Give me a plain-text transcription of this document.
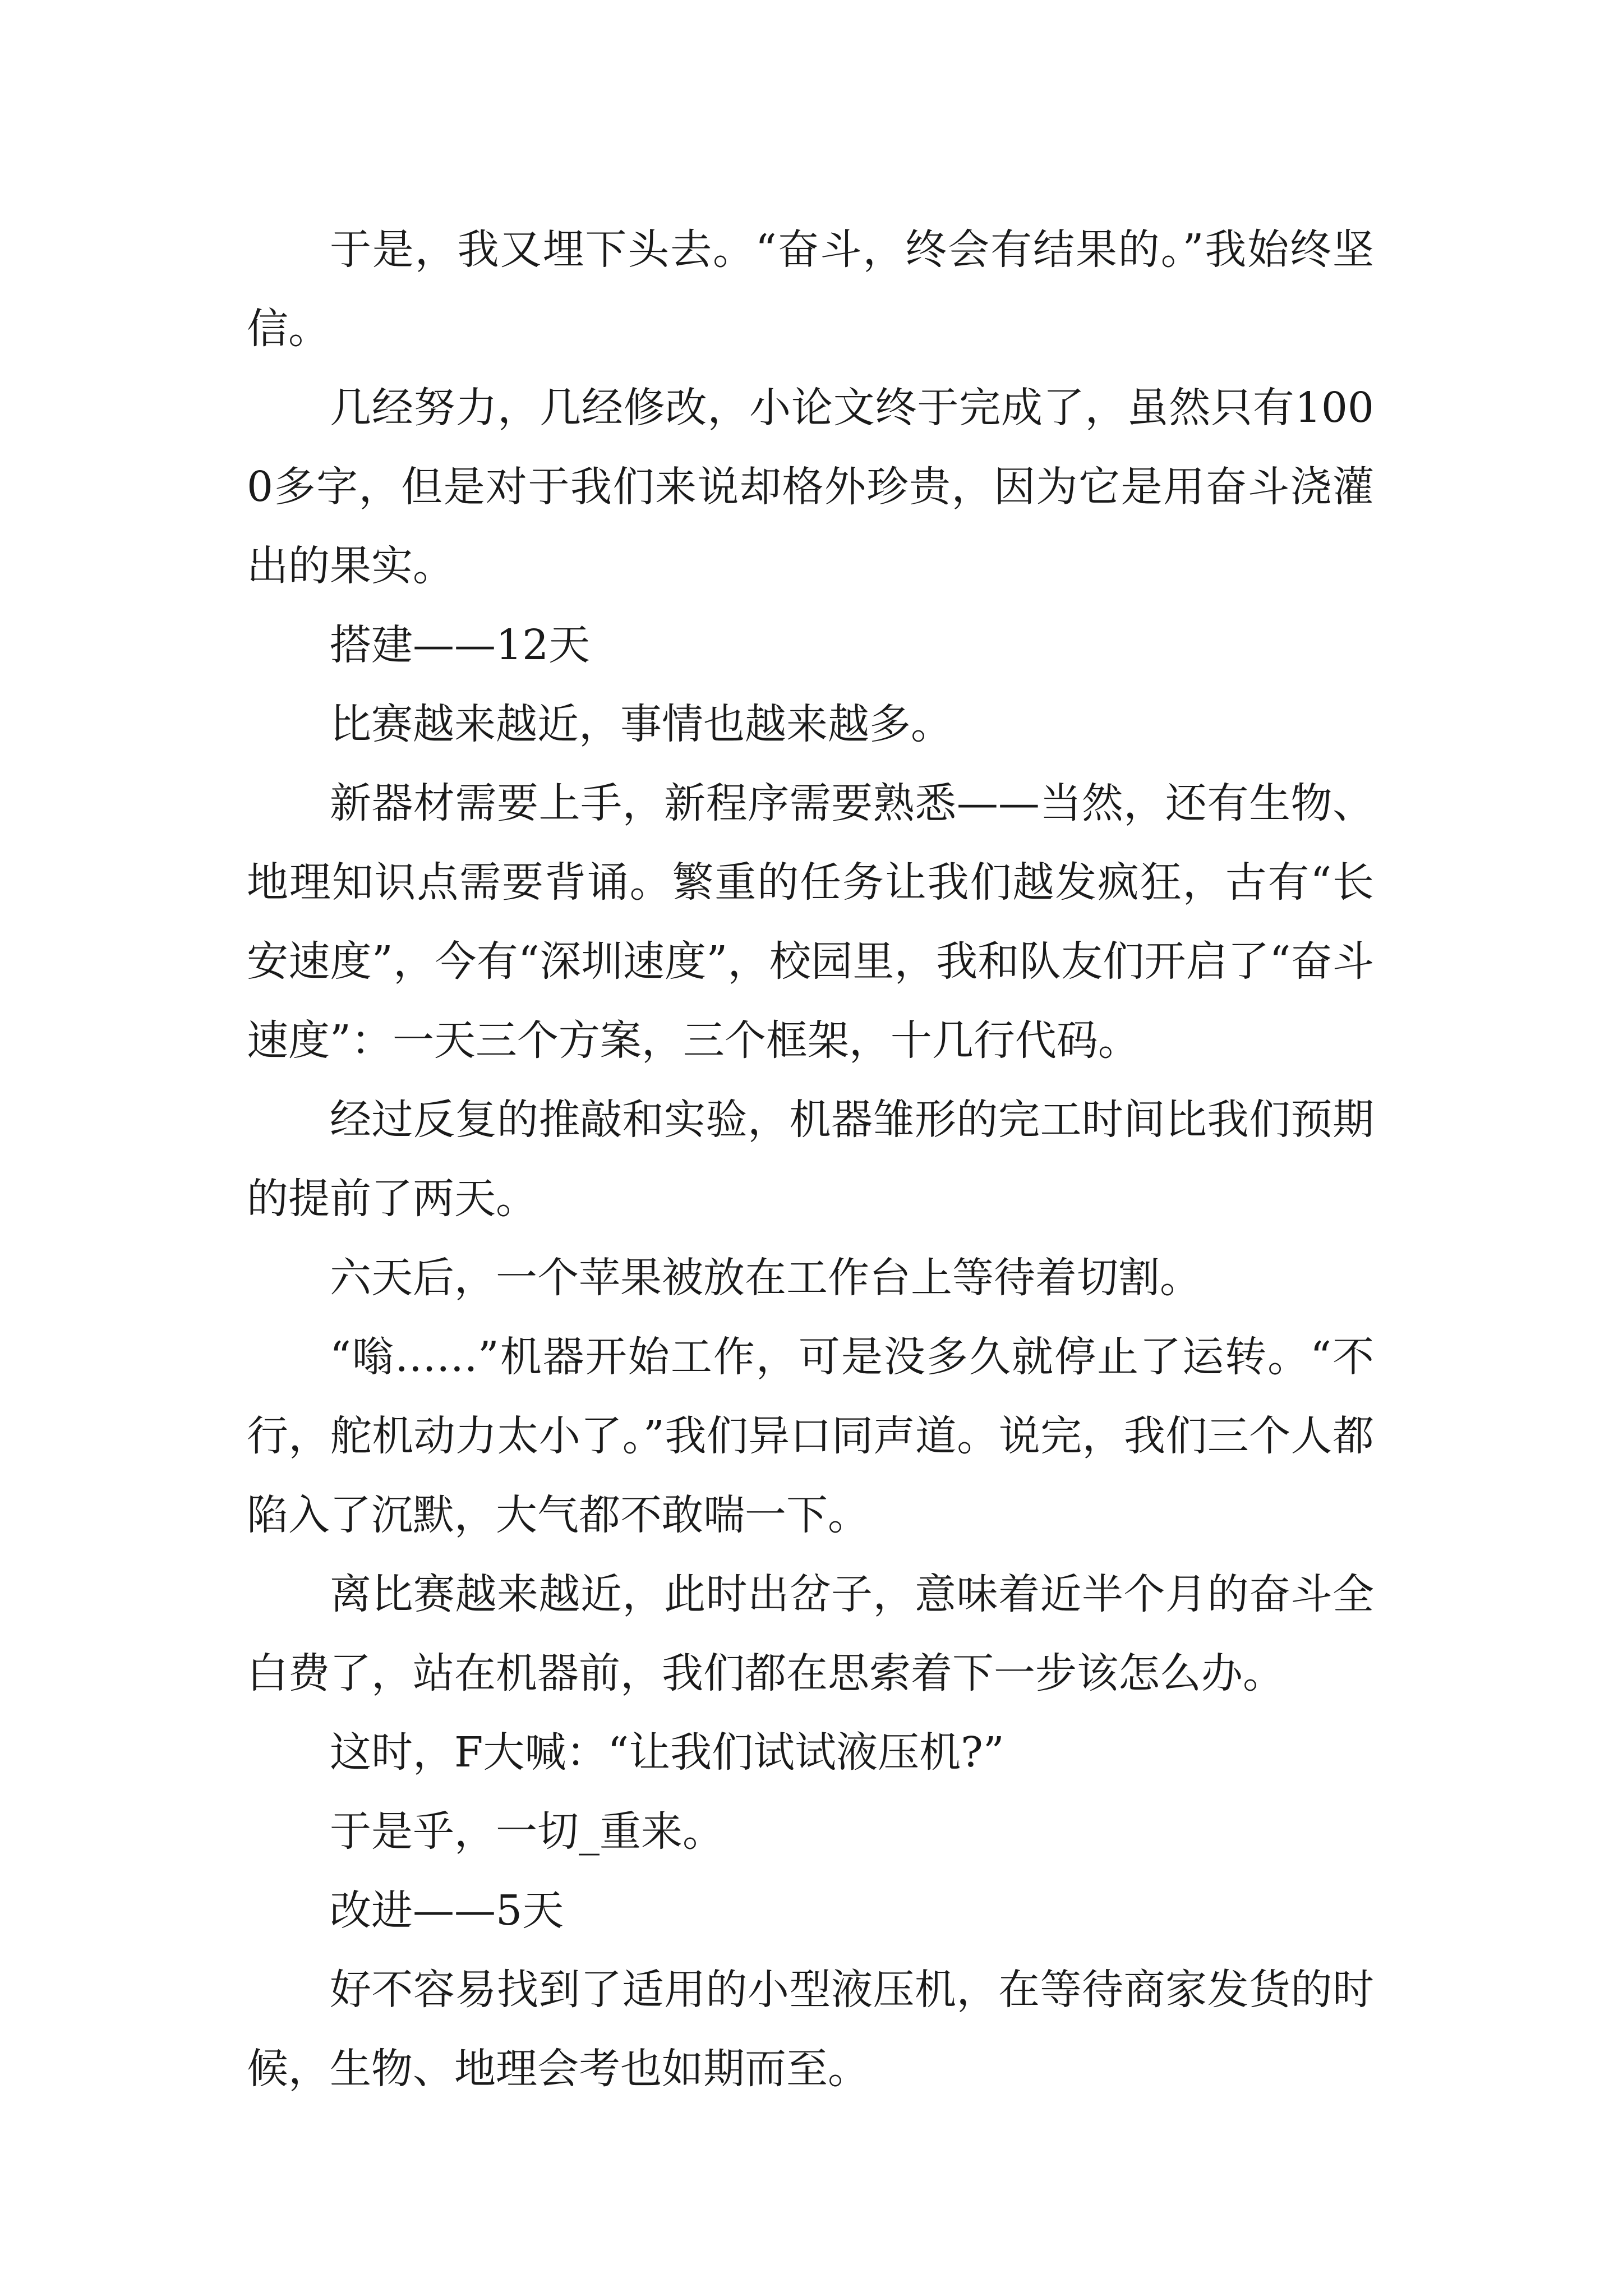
于是，我又埋下头去。“奋斗，终会有结果的。”我始终坚信。

几经努力，几经修改，小论文终于完成了，虽然只有1000多字，但是对于我们来说却格外珍贵，因为它是用奋斗浇灌出的果实。

搭建——12天

比赛越来越近，事情也越来越多。

新器材需要上手，新程序需要熟悉——当然，还有生物、地理知识点需要背诵。繁重的任务让我们越发疯狂，古有“长安速度”，今有“深圳速度”，校园里，我和队友们开启了“奋斗速度”：一天三个方案，三个框架，十几行代码。

经过反复的推敲和实验，机器雏形的完工时间比我们预期的提前了两天。

六天后，一个苹果被放在工作台上等待着切割。

“嗡……”机器开始工作，可是没多久就停止了运转。“不行，舵机动力太小了。”我们异口同声道。说完，我们三个人都陷入了沉默，大气都不敢喘一下。

离比赛越来越近，此时出岔子，意味着近半个月的奋斗全白费了，站在机器前，我们都在思索着下一步该怎么办。

这时，F大喊：“让我们试试液压机?”

于是乎，一切_重来。

改进——5天

好不容易找到了适用的小型液压机，在等待商家发货的时候，生物、地理会考也如期而至。
